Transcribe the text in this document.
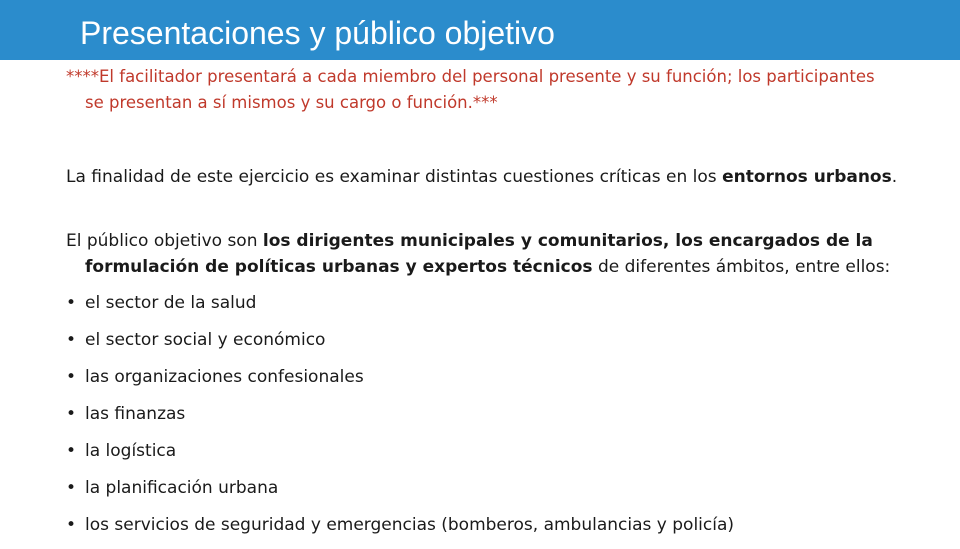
Presentaciones y público objetivo
****El facilitador presentará a cada miembro del personal presente y su función; los participantes se presentan a sí mismos y su cargo o función.***
La finalidad de este ejercicio es examinar distintas cuestiones críticas en los entornos urbanos.
El público objetivo son los dirigentes municipales y comunitarios, los encargados de la formulación de políticas urbanas y expertos técnicos de diferentes ámbitos, entre ellos:
• el sector de la salud
• el sector social y económico
• las organizaciones confesionales
• las finanzas
• la logística
• la planificación urbana
• los servicios de seguridad y emergencias (bomberos, ambulancias y policía)
